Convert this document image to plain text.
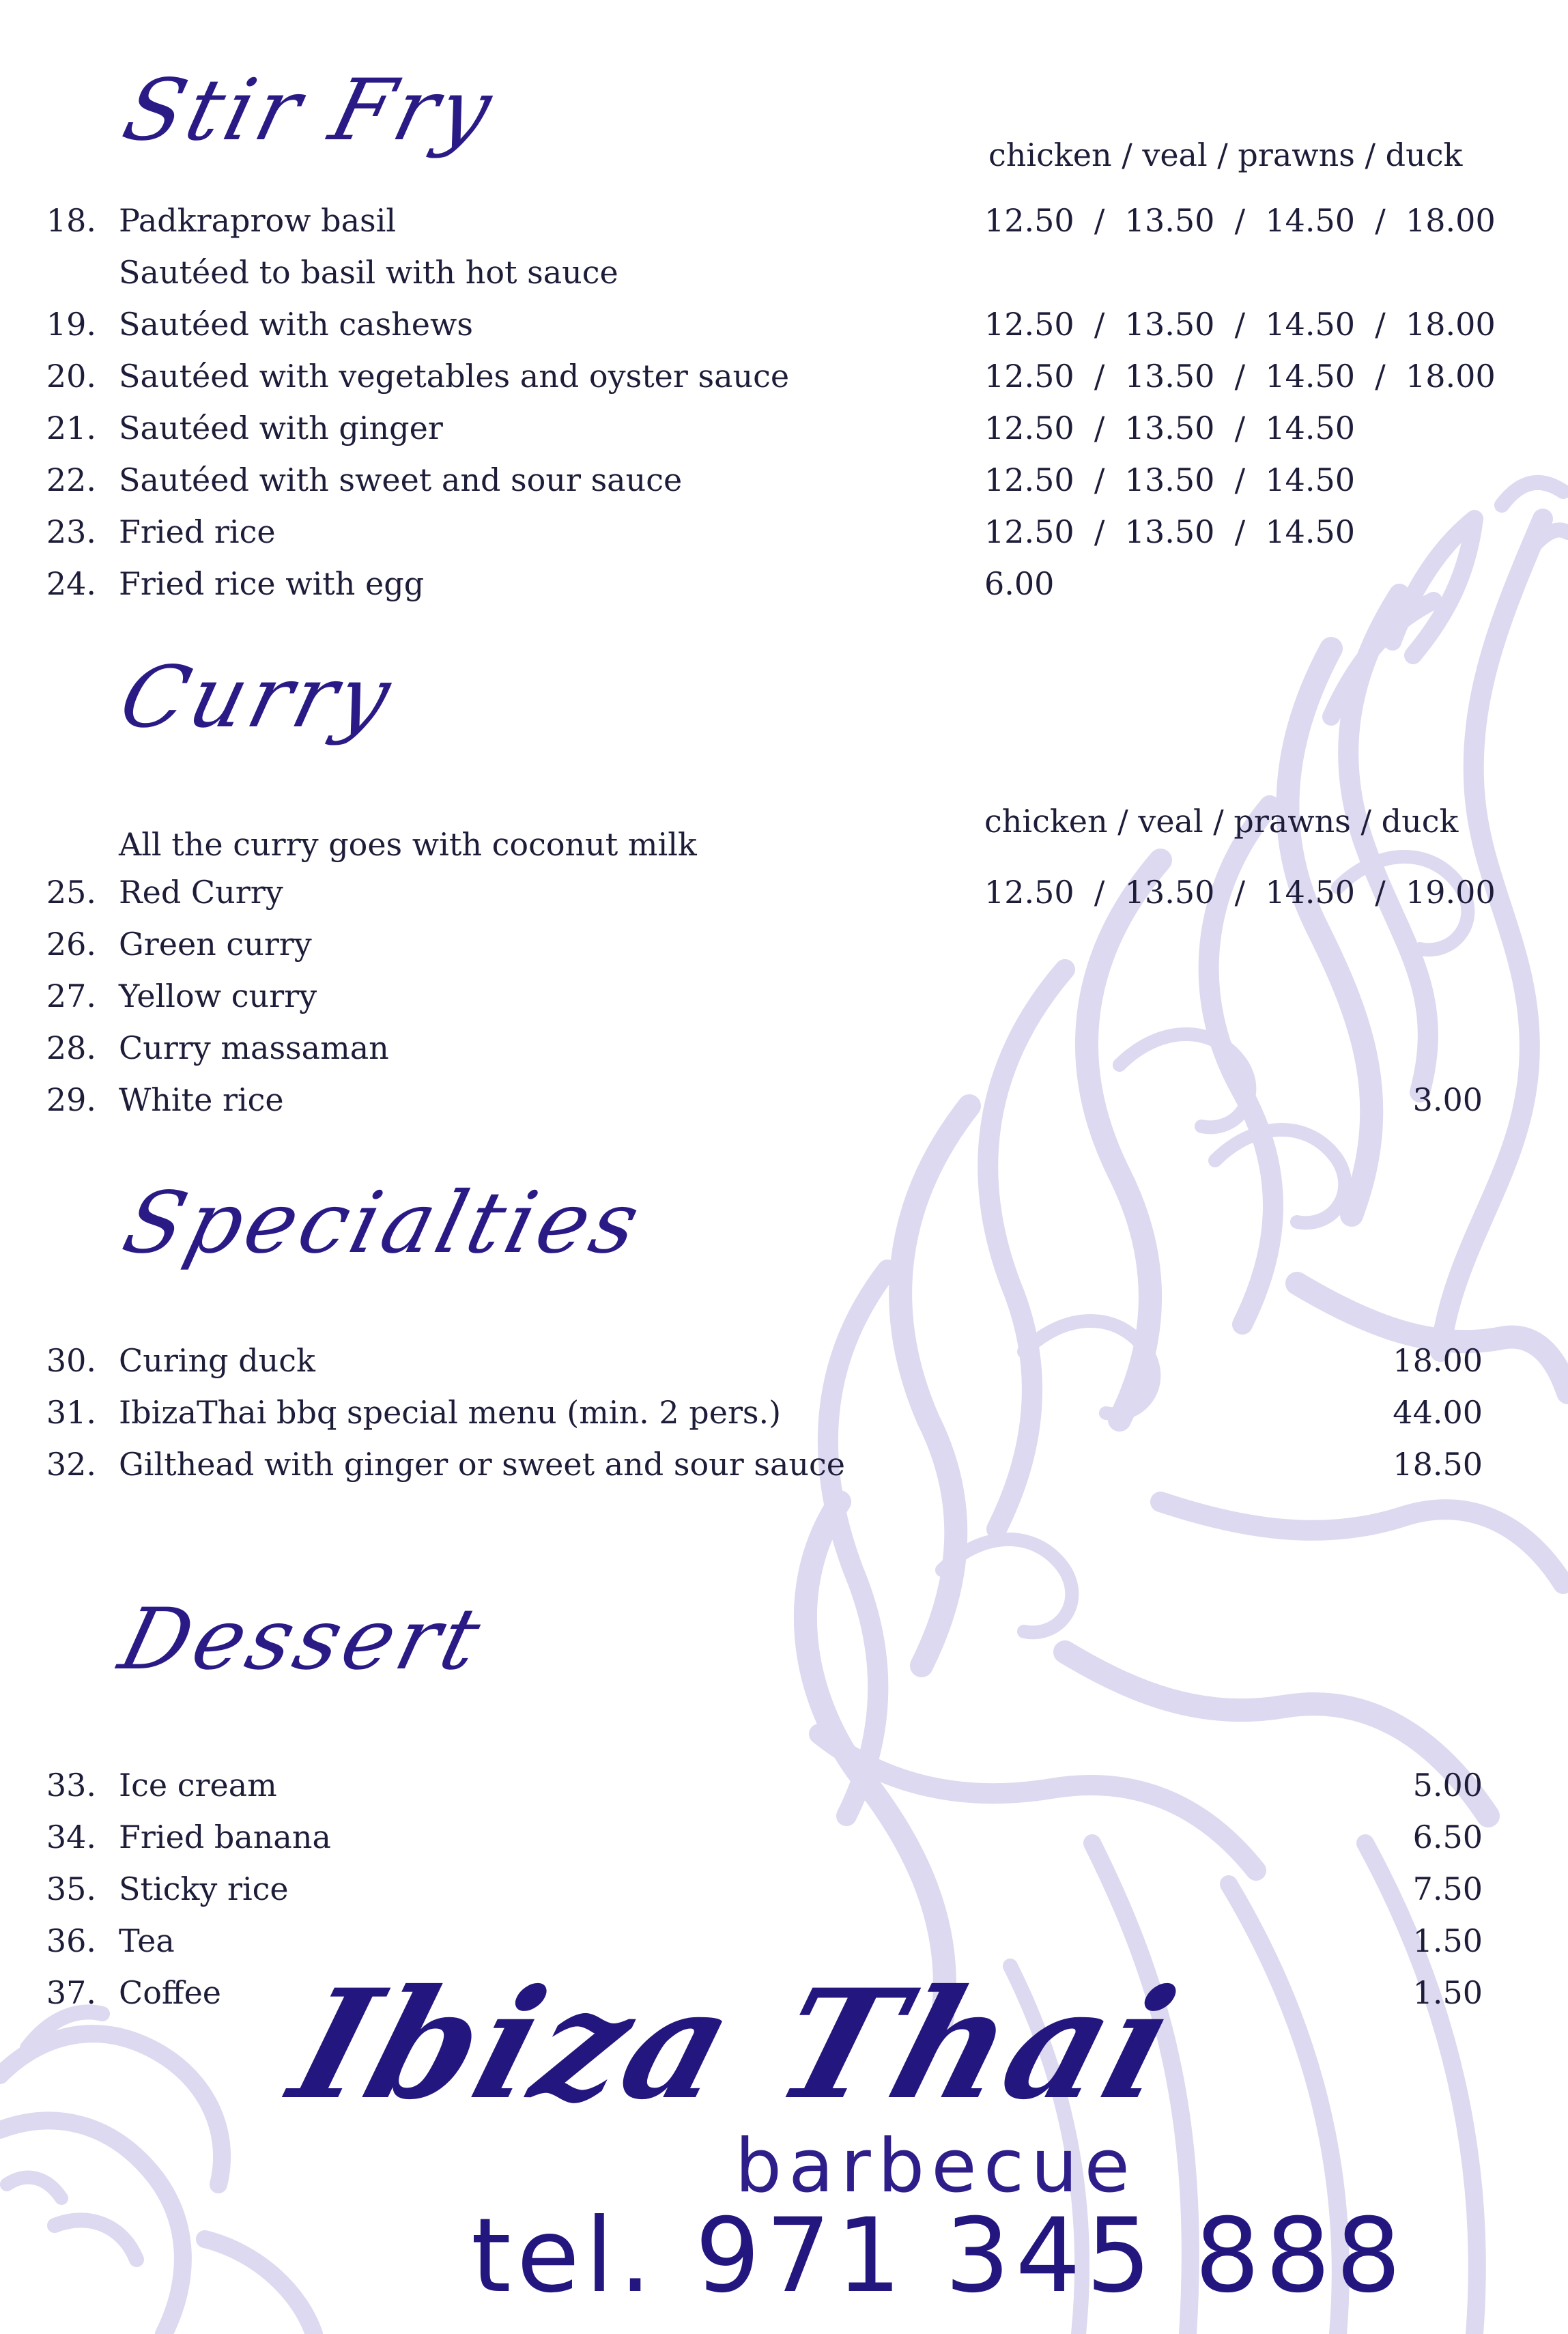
Stir Fry	chicken / veal / prawns / duck
18. Padkraprow basil	12.50  /  13.50  /  14.50  /  18.00
Sautéed to basil with hot sauce
19. Sautéed with cashews	12.50  /  13.50  /  14.50  /  18.00
20. Sautéed with vegetables and oyster sauce	12.50  /  13.50  /  14.50  /  18.00
21. Sautéed with ginger	12.50  /  13.50  /  14.50
22. Sautéed with sweet and sour sauce	12.50  /  13.50  /  14.50
23. Fried rice	12.50  /  13.50  /  14.50
24. Fried rice with egg	6.00
Curry
chicken / veal / prawns / duck
All the curry goes with coconut milk
25. Red Curry	12.50  /  13.50  /  14.50  /  19.00
26. Green curry
27. Yellow curry
28. Curry massaman
29. White rice	3.00
Specialties
30. Curing duck	18.00
31. IbizaThai bbq special menu (min. 2 pers.)	44.00
32. Gilthead with ginger or sweet and sour sauce	18.50
Dessert
33. Ice cream	5.00
34. Fried banana	6.50
35. Sticky rice	7.50
36. Tea	1.50
37. Coffee	1.50
Ibiza Thai
barbecue
tel. 971 345 888
